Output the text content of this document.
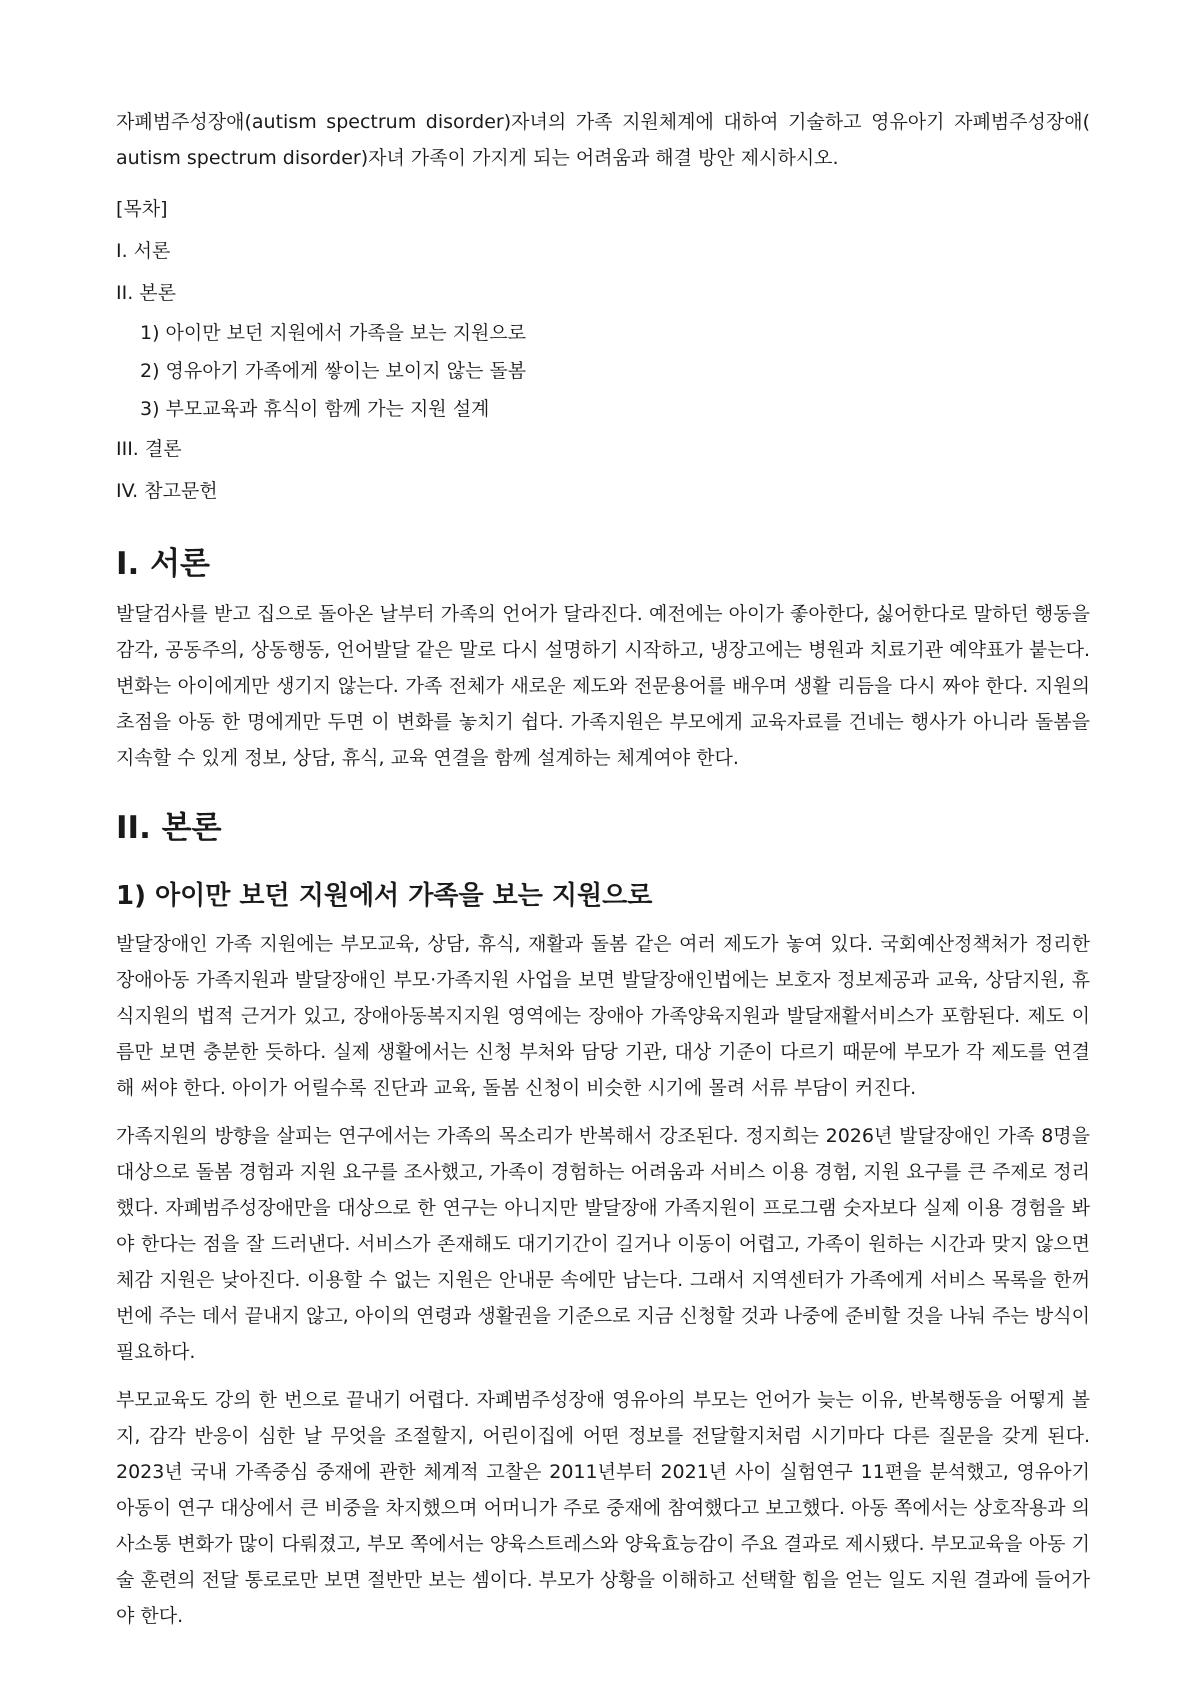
자폐범주성장애(autism spectrum disorder)자녀의 가족 지원체계에 대하여 기술하고 영유아기 자폐범주성장애( autism spectrum disorder)자녀 가족이 가지게 되는 어려움과 해결 방안 제시하시오.

[목차]

I. 서론

II. 본론

1) 아이만 보던 지원에서 가족을 보는 지원으로

2) 영유아기 가족에게 쌓이는 보이지 않는 돌봄

3) 부모교육과 휴식이 함께 가는 지원 설계

III. 결론

IV. 참고문헌

I. 서론

발달검사를 받고 집으로 돌아온 날부터 가족의 언어가 달라진다. 예전에는 아이가 좋아한다, 싫어한다로 말하던 행동을 감각, 공동주의, 상동행동, 언어발달 같은 말로 다시 설명하기 시작하고, 냉장고에는 병원과 치료기관 예약표가 붙는다. 변화는 아이에게만 생기지 않는다. 가족 전체가 새로운 제도와 전문용어를 배우며 생활 리듬을 다시 짜야 한다. 지원의 초점을 아동 한 명에게만 두면 이 변화를 놓치기 쉽다. 가족지원은 부모에게 교육자료를 건네는 행사가 아니라 돌봄을 지속할 수 있게 정보, 상담, 휴식, 교육 연결을 함께 설계하는 체계여야 한다.

II. 본론
1) 아이만 보던 지원에서 가족을 보는 지원으로

발달장애인 가족 지원에는 부모교육, 상담, 휴식, 재활과 돌봄 같은 여러 제도가 놓여 있다. 국회예산정책처가 정리한 장애아동 가족지원과 발달장애인 부모·가족지원 사업을 보면 발달장애인법에는 보호자 정보제공과 교육, 상담지원, 휴식지원의 법적 근거가 있고, 장애아동복지지원 영역에는 장애아 가족양육지원과 발달재활서비스가 포함된다. 제도 이름만 보면 충분한 듯하다. 실제 생활에서는 신청 부처와 담당 기관, 대상 기준이 다르기 때문에 부모가 각 제도를 연결해 써야 한다. 아이가 어릴수록 진단과 교육, 돌봄 신청이 비슷한 시기에 몰려 서류 부담이 커진다.

가족지원의 방향을 살피는 연구에서는 가족의 목소리가 반복해서 강조된다. 정지희는 2026년 발달장애인 가족 8명을 대상으로 돌봄 경험과 지원 요구를 조사했고, 가족이 경험하는 어려움과 서비스 이용 경험, 지원 요구를 큰 주제로 정리했다. 자폐범주성장애만을 대상으로 한 연구는 아니지만 발달장애 가족지원이 프로그램 숫자보다 실제 이용 경험을 봐야 한다는 점을 잘 드러낸다. 서비스가 존재해도 대기기간이 길거나 이동이 어렵고, 가족이 원하는 시간과 맞지 않으면 체감 지원은 낮아진다. 이용할 수 없는 지원은 안내문 속에만 남는다. 그래서 지역센터가 가족에게 서비스 목록을 한꺼번에 주는 데서 끝내지 않고, 아이의 연령과 생활권을 기준으로 지금 신청할 것과 나중에 준비할 것을 나눠 주는 방식이 필요하다.

부모교육도 강의 한 번으로 끝내기 어렵다. 자폐범주성장애 영유아의 부모는 언어가 늦는 이유, 반복행동을 어떻게 볼지, 감각 반응이 심한 날 무엇을 조절할지, 어린이집에 어떤 정보를 전달할지처럼 시기마다 다른 질문을 갖게 된다. 2023년 국내 가족중심 중재에 관한 체계적 고찰은 2011년부터 2021년 사이 실험연구 11편을 분석했고, 영유아기 아동이 연구 대상에서 큰 비중을 차지했으며 어머니가 주로 중재에 참여했다고 보고했다. 아동 쪽에서는 상호작용과 의사소통 변화가 많이 다뤄졌고, 부모 쪽에서는 양육스트레스와 양육효능감이 주요 결과로 제시됐다. 부모교육을 아동 기술 훈련의 전달 통로로만 보면 절반만 보는 셈이다. 부모가 상황을 이해하고 선택할 힘을 얻는 일도 지원 결과에 들어가야 한다.
